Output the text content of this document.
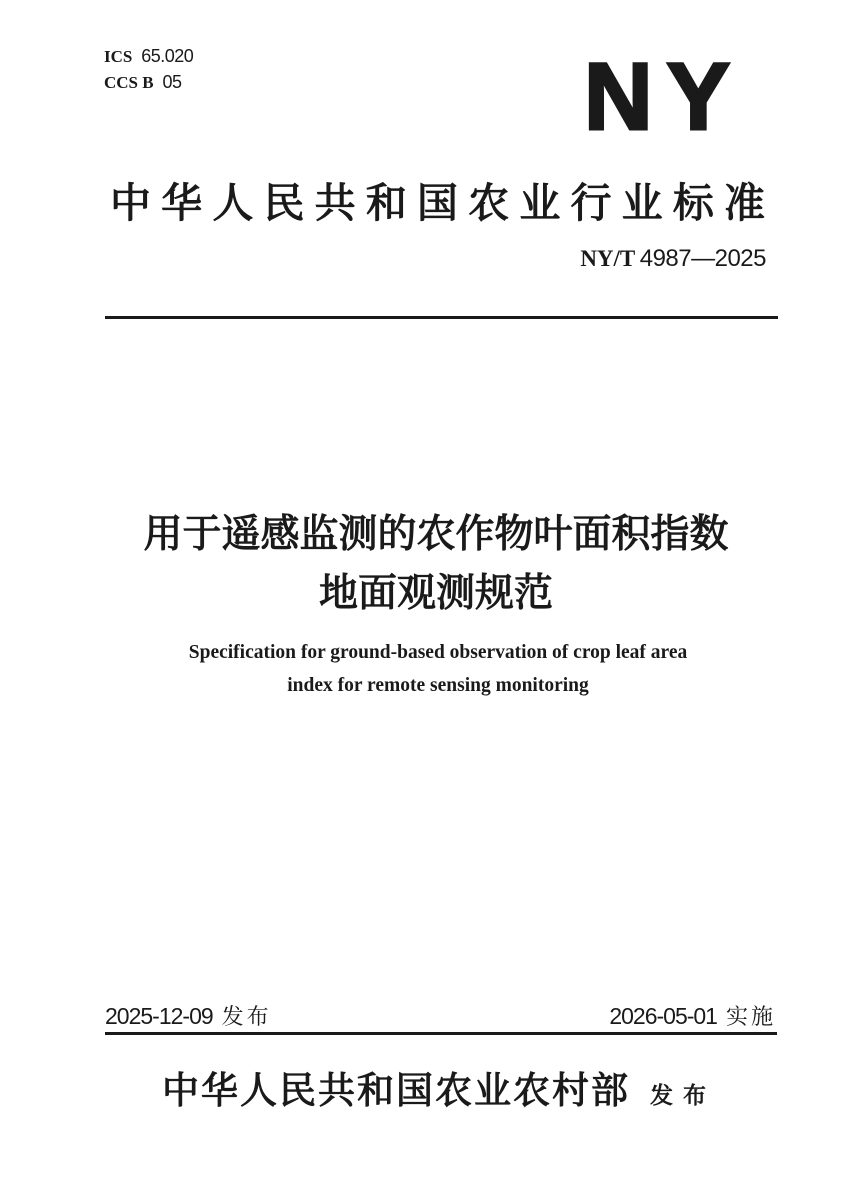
ICS 65.020
CCS B 05	NY
中华人民共和国农业行业标准
NY/T 4987—2025
用于遥感监测的农作物叶面积指数
地面观测规范
Specification for ground-based observation of crop leaf area
index for remote sensing monitoring
2025-12-09 发布	2026-05-01 实施
中华人民共和国农业农村部 发布
